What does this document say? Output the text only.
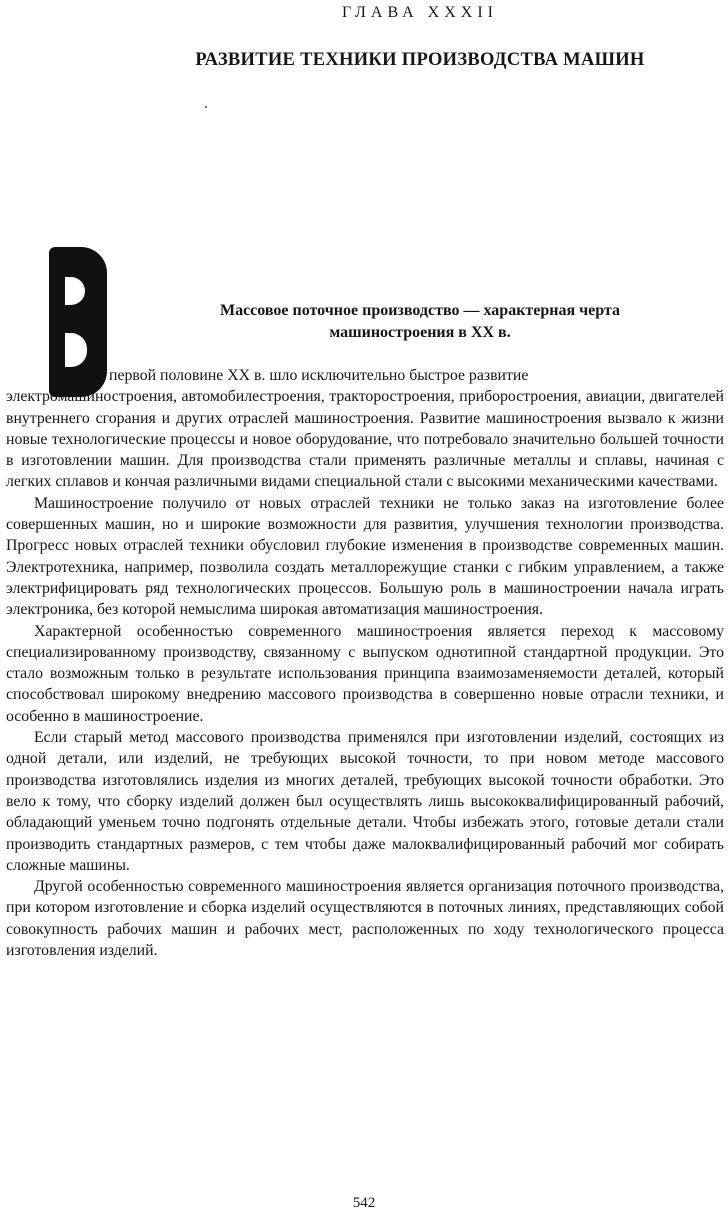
ГЛАВА XXXII
РАЗВИТИЕ ТЕХНИКИ ПРОИЗВОДСТВА МАШИН
Массовое поточное производство — характерная черта
машиностроения в XX в.

первой половине XX в. шло исключительно быстрое развитие

электромашиностроения, автомобилестроения, тракторостроения, приборостроения, авиации, двигателей внутреннего сгорания и других отраслей машиностроения. Развитие машиностроения вызвало к жизни новые технологические процессы и новое оборудование, что потребовало значительно большей точности в изготовлении машин. Для производства стали применять различные металлы и сплавы, начиная с легких сплавов и кончая различными видами специальной стали с высокими механическими качествами.

Машиностроение получило от новых отраслей техники не только заказ на изготовление более совершенных машин, но и широкие возможности для развития, улучшения технологии производства. Прогресс новых отраслей техники обусловил глубокие изменения в производстве современных машин. Электротехника, например, позволила создать металлорежущие станки с гибким управлением, а также электрифицировать ряд технологических процессов. Большую роль в машиностроении начала играть электроника, без которой немыслима широкая автоматизация машиностроения.

Характерной особенностью современного машиностроения является переход к массовому специализированному производству, связанному с выпуском однотипной стандартной продукции. Это стало возможным только в результате использования принципа взаимозаменяемости деталей, который способствовал широкому внедрению массового производства в совершенно новые отрасли техники, и особенно в машиностроение.

Если старый метод массового производства применялся при изготовлении изделий, состоящих из одной детали, или изделий, не требующих высокой точности, то при новом методе массового производства изготовлялись изделия из многих деталей, требующих высокой точности обработки. Это вело к тому, что сборку изделий должен был осуществлять лишь высококвалифицированный рабочий, обладающий уменьем точно подгонять отдельные детали. Чтобы избежать этого, готовые детали стали производить стандартных размеров, с тем чтобы даже малоквалифицированный рабочий мог собирать сложные машины.

Другой особенностью современного машиностроения является организация поточного производства, при котором изготовление и сборка изделий осуществляются в поточных линиях, представляющих собой совокупность рабочих машин и рабочих мест, расположенных по ходу технологического процесса изготовления изделий.

542
